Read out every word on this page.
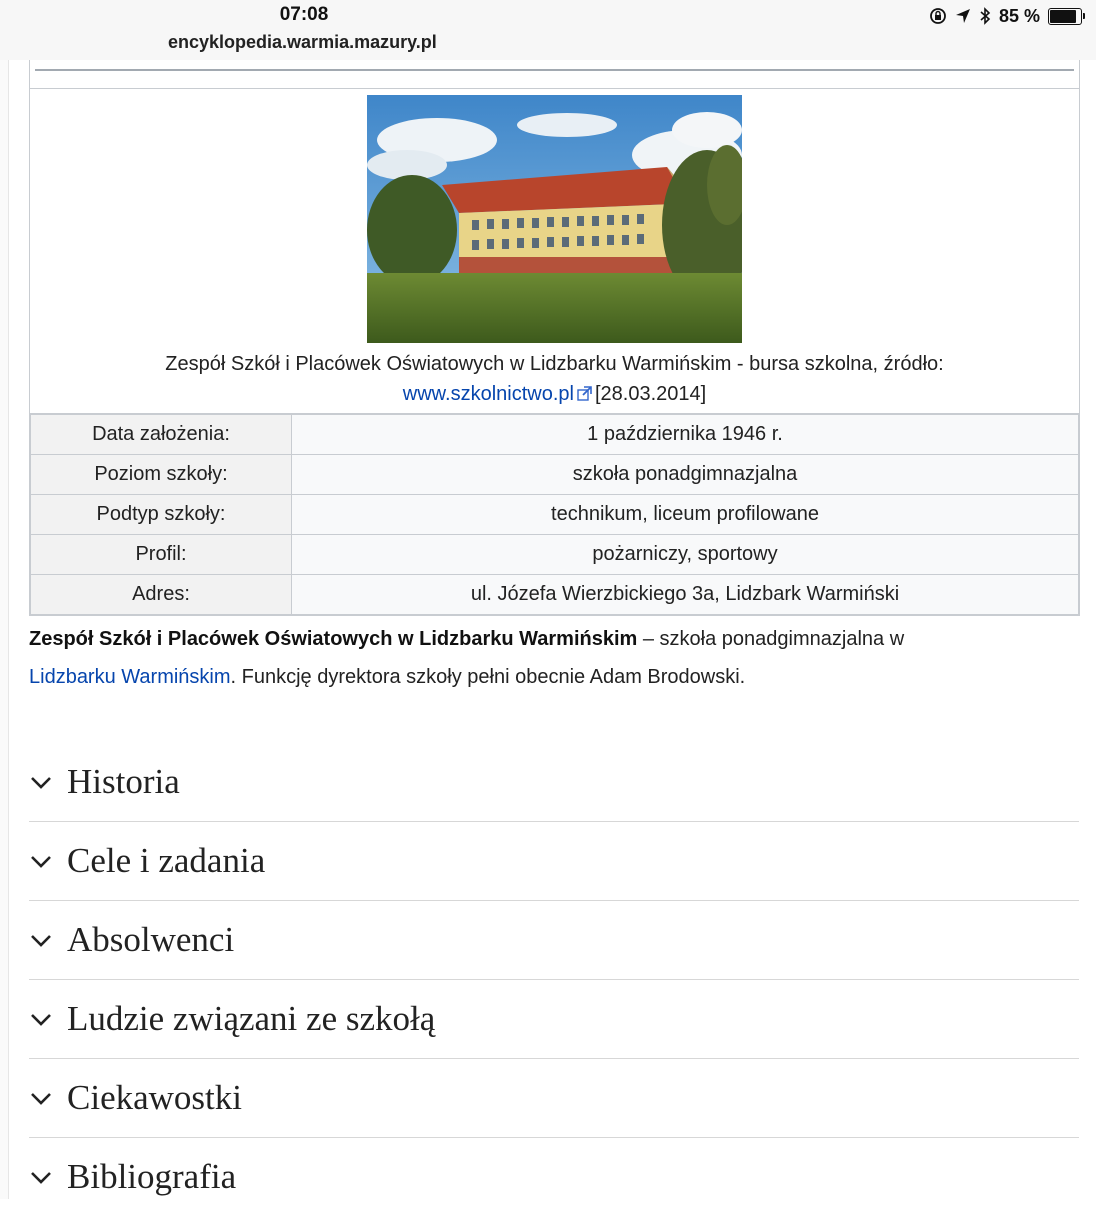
07:08
encyklopedia.warmia.mazury.pl
85 %
Zespół Szkół i Placówek Oświatowych w Lidzbarku Warmińskim - bursa szkolna, źródło:
www.szkolnictwo.pl [28.03.2014]
Data założenia:	1 października 1946 r.
Poziom szkoły:	szkoła ponadgimnazjalna
Podtyp szkoły:	technikum, liceum profilowane
Profil:	pożarniczy, sportowy
Adres:	ul. Józefa Wierzbickiego 3a, Lidzbark Warmiński
Zespół Szkół i Placówek Oświatowych w Lidzbarku Warmińskim – szkoła ponadgimnazjalna w
Lidzbarku Warmińskim. Funkcję dyrektora szkoły pełni obecnie Adam Brodowski.
Historia
Cele i zadania
Absolwenci
Ludzie związani ze szkołą
Ciekawostki
Bibliografia
